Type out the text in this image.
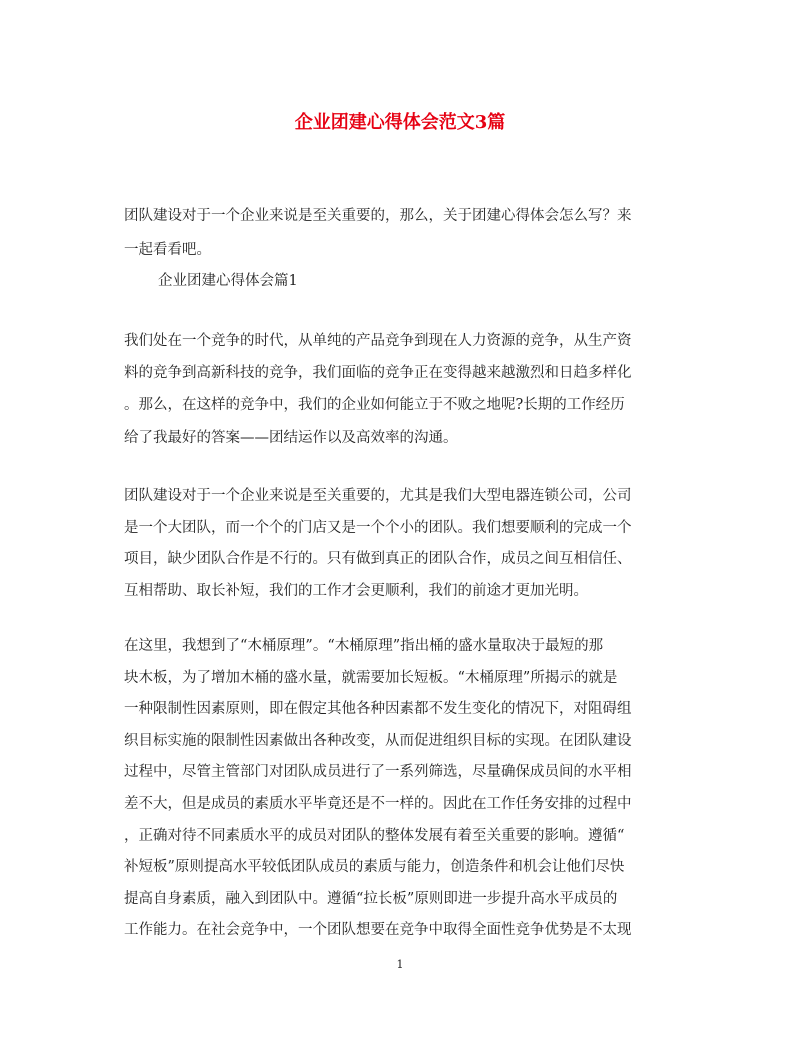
企业团建心得体会范文3篇

团队建设对于一个企业来说是至关重要的，那么，关于团建心得体会怎么写？来

一起看看吧。

企业团建心得体会篇1

我们处在一个竞争的时代，从单纯的产品竞争到现在人力资源的竞争，从生产资

料的竞争到高新科技的竞争，我们面临的竞争正在变得越来越激烈和日趋多样化

。那么，在这样的竞争中，我们的企业如何能立于不败之地呢?长期的工作经历

给了我最好的答案——团结运作以及高效率的沟通。

团队建设对于一个企业来说是至关重要的，尤其是我们大型电器连锁公司，公司

是一个大团队，而一个个的门店又是一个个小的团队。我们想要顺利的完成一个

项目，缺少团队合作是不行的。只有做到真正的团队合作，成员之间互相信任、

互相帮助、取长补短，我们的工作才会更顺利，我们的前途才更加光明。

在这里，我想到了“木桶原理”。“木桶原理”指出桶的盛水量取决于最短的那

块木板，为了增加木桶的盛水量，就需要加长短板。“木桶原理”所揭示的就是

一种限制性因素原则，即在假定其他各种因素都不发生变化的情况下，对阻碍组

织目标实施的限制性因素做出各种改变，从而促进组织目标的实现。在团队建设

过程中，尽管主管部门对团队成员进行了一系列筛选，尽量确保成员间的水平相

差不大，但是成员的素质水平毕竟还是不一样的。因此在工作任务安排的过程中

，正确对待不同素质水平的成员对团队的整体发展有着至关重要的影响。遵循“

补短板”原则提高水平较低团队成员的素质与能力，创造条件和机会让他们尽快

提高自身素质，融入到团队中。遵循“拉长板”原则即进一步提升高水平成员的

工作能力。在社会竞争中，一个团队想要在竞争中取得全面性竞争优势是不太现

1
